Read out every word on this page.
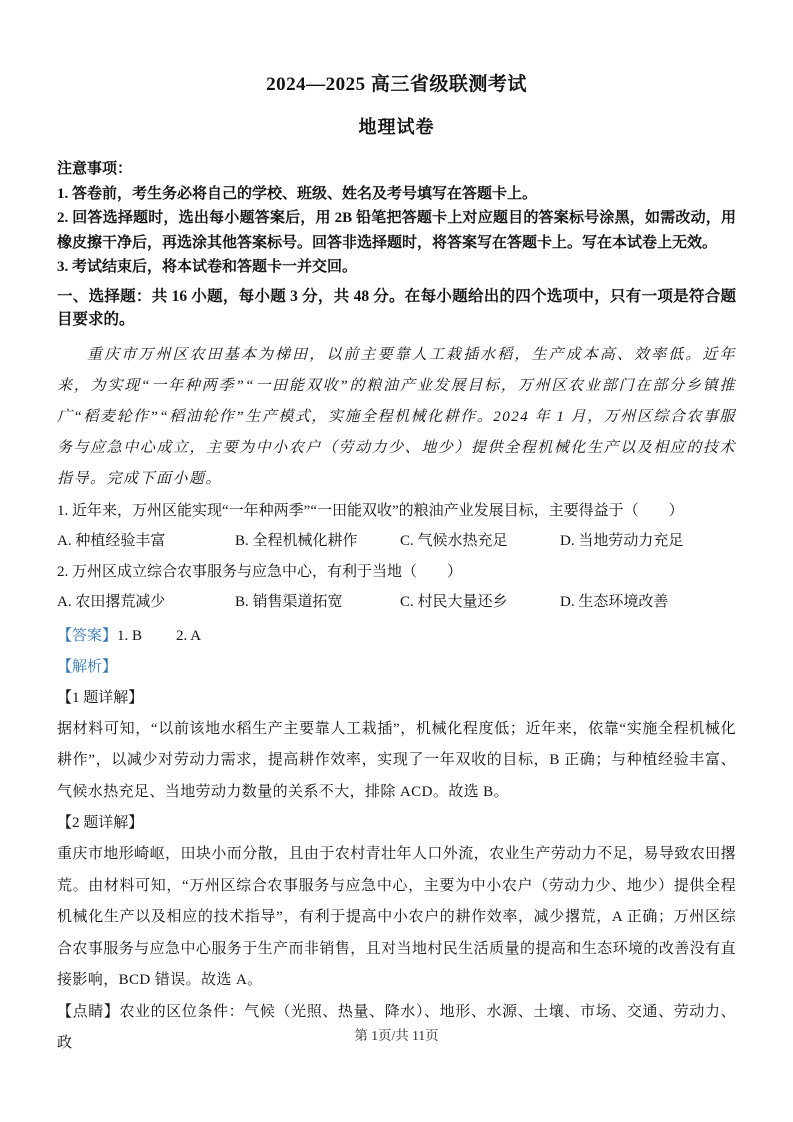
2024—2025 高三省级联测考试
地理试卷

注意事项：

1. 答卷前，考生务必将自己的学校、班级、姓名及考号填写在答题卡上。

2. 回答选择题时，选出每小题答案后，用 2B 铅笔把答题卡上对应题目的答案标号涂黑，如需改动，用橡皮擦干净后，再选涂其他答案标号。回答非选择题时，将答案写在答题卡上。写在本试卷上无效。

3. 考试结束后，将本试卷和答题卡一并交回。

一、选择题：共 16 小题，每小题 3 分，共 48 分。在每小题给出的四个选项中，只有一项是符合题目要求的。

重庆市万州区农田基本为梯田，以前主要靠人工栽插水稻，生产成本高、效率低。近年来，为实现“一年种两季”“一田能双收”的粮油产业发展目标，万州区农业部门在部分乡镇推广“稻麦轮作”“稻油轮作”生产模式，实施全程机械化耕作。2024 年 1 月，万州区综合农事服务与应急中心成立，主要为中小农户（劳动力少、地少）提供全程机械化生产以及相应的技术指导。完成下面小题。

1. 近年来，万州区能实现“一年种两季”“一田能双收”的粮油产业发展目标，主要得益于（　　）

A. 种植经验丰富	B. 全程机械化耕作	C. 气候水热充足	D. 当地劳动力充足

2. 万州区成立综合农事服务与应急中心，有利于当地（　　）

A. 农田撂荒减少	B. 销售渠道拓宽	C. 村民大量还乡	D. 生态环境改善

【答案】1. B 2. A

【解析】

【1 题详解】

据材料可知，“以前该地水稻生产主要靠人工栽插”，机械化程度低；近年来，依靠“实施全程机械化耕作”，以减少对劳动力需求，提高耕作效率，实现了一年双收的目标，B 正确；与种植经验丰富、气候水热充足、当地劳动力数量的关系不大，排除 ACD。故选 B。

【2 题详解】

重庆市地形崎岖，田块小而分散，且由于农村青壮年人口外流，农业生产劳动力不足，易导致农田撂荒。由材料可知，“万州区综合农事服务与应急中心，主要为中小农户（劳动力少、地少）提供全程机械化生产以及相应的技术指导”，有利于提高中小农户的耕作效率，减少撂荒，A 正确；万州区综合农事服务与应急中心服务于生产而非销售，且对当地村民生活质量的提高和生态环境的改善没有直接影响，BCD 错误。故选 A。

【点睛】农业的区位条件：气候（光照、热量、降水）、地形、水源、土壤、市场、交通、劳动力、政	第 1页/共 11页
